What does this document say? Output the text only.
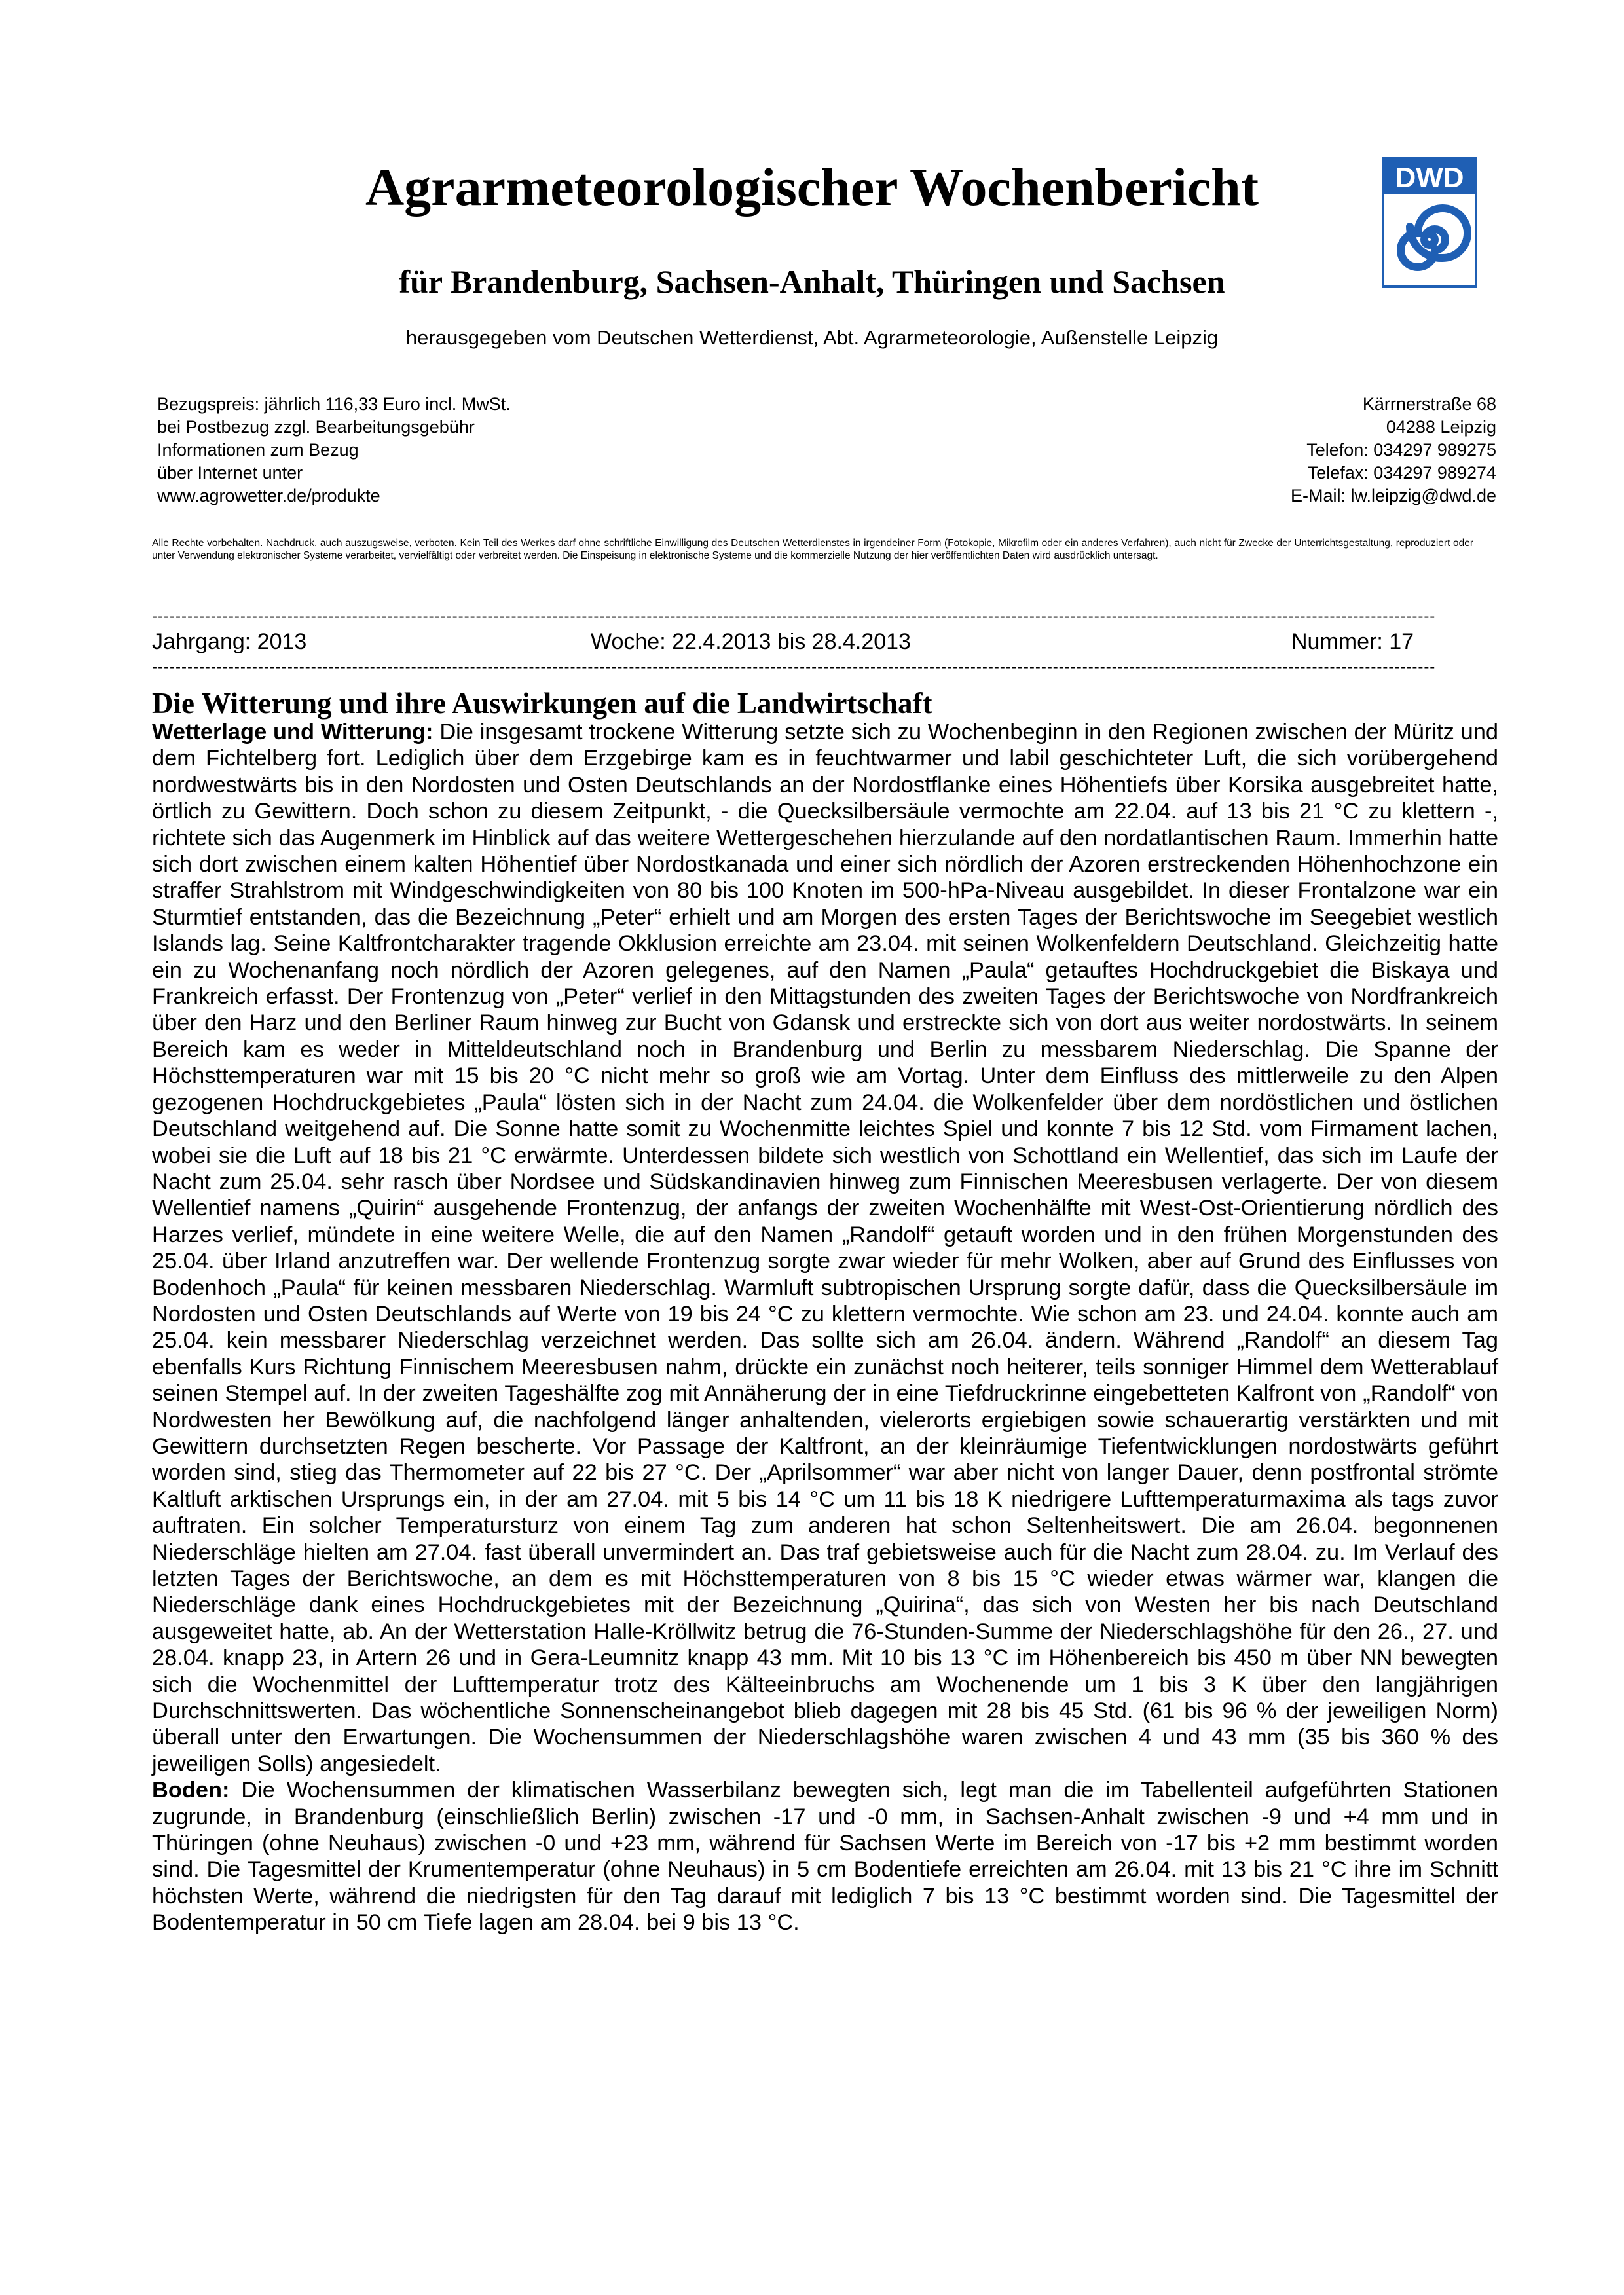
Agrarmeteorologischer Wochenbericht
für Brandenburg, Sachsen-Anhalt, Thüringen und Sachsen
herausgegeben vom Deutschen Wetterdienst, Abt. Agrarmeteorologie, Außenstelle Leipzig
DWD
Bezugspreis: jährlich 116,33 Euro incl. MwSt.
bei Postbezug zzgl. Bearbeitungsgebühr
Informationen zum Bezug
über Internet unter
www.agrowetter.de/produkte
Kärrnerstraße 68
04288 Leipzig
Telefon: 034297 989275
Telefax: 034297 989274
E-Mail: lw.leipzig@dwd.de
Alle Rechte vorbehalten. Nachdruck, auch auszugsweise, verboten. Kein Teil des Werkes darf ohne schriftliche Einwilligung des Deutschen Wetterdienstes in irgendeiner Form (Fotokopie, Mikrofilm oder ein anderes Verfahren), auch nicht für Zwecke der Unterrichtsgestaltung, reproduziert oder unter Verwendung elektronischer Systeme verarbeitet, vervielfältigt oder verbreitet werden. Die Einspeisung in elektronische Systeme und die kommerzielle Nutzung der hier veröffentlichten Daten wird ausdrücklich untersagt.
--------------------------------------------------------------------------------------------------------------------------------------------------------------------------------------------------------------------------
Jahrgang: 2013	Woche: 22.4.2013 bis 28.4.2013	Nummer: 17
--------------------------------------------------------------------------------------------------------------------------------------------------------------------------------------------------------------------------
Die Witterung und ihre Auswirkungen auf die Landwirtschaft

Wetterlage und Witterung: Die insgesamt trockene Witterung setzte sich zu Wochenbeginn in den Regionen zwischen der Müritz und dem Fichtelberg fort. Lediglich über dem Erzgebirge kam es in feuchtwarmer und labil geschichteter Luft, die sich vorübergehend nordwestwärts bis in den Nordosten und Osten Deutschlands an der Nordostflanke eines Höhentiefs über Korsika ausgebreitet hatte, örtlich zu Gewittern. Doch schon zu diesem Zeitpunkt, - die Quecksilbersäule vermochte am 22.04. auf 13 bis 21 °C zu klettern -, richtete sich das Augenmerk im Hinblick auf das weitere Wettergeschehen hierzulande auf den nordatlantischen Raum. Immerhin hatte sich dort zwischen einem kalten Höhentief über Nordostkanada und einer sich nördlich der Azoren erstreckenden Höhenhochzone ein straffer Strahlstrom mit Windgeschwindigkeiten von 80 bis 100 Knoten im 500-hPa-Niveau ausgebildet. In dieser Frontalzone war ein Sturmtief entstanden, das die Bezeichnung „Peter“ erhielt und am Morgen des ersten Tages der Berichtswoche im Seegebiet westlich Islands lag. Seine Kaltfrontcharakter tragende Okklusion erreichte am 23.04. mit seinen Wolkenfeldern Deutschland. Gleichzeitig hatte ein zu Wochenanfang noch nördlich der Azoren gelegenes, auf den Namen „Paula“ getauftes Hochdruckgebiet die Biskaya und Frankreich erfasst. Der Frontenzug von „Peter“ verlief in den Mittagstunden des zweiten Tages der Berichtswoche von Nordfrankreich über den Harz und den Berliner Raum hinweg zur Bucht von Gdansk und erstreckte sich von dort aus weiter nordostwärts. In seinem Bereich kam es weder in Mitteldeutschland noch in Brandenburg und Berlin zu messbarem Niederschlag. Die Spanne der Höchsttemperaturen war mit 15 bis 20 °C nicht mehr so groß wie am Vortag. Unter dem Einfluss des mittlerweile zu den Alpen gezogenen Hochdruckgebietes „Paula“ lösten sich in der Nacht zum 24.04. die Wolkenfelder über dem nordöstlichen und östlichen Deutschland weitgehend auf. Die Sonne hatte somit zu Wochenmitte leichtes Spiel und konnte 7 bis 12 Std. vom Firmament lachen, wobei sie die Luft auf 18 bis 21 °C erwärmte. Unterdessen bildete sich westlich von Schottland ein Wellentief, das sich im Laufe der Nacht zum 25.04. sehr rasch über Nordsee und Südskandinavien hinweg zum Finnischen Meeresbusen verlagerte. Der von diesem Wellentief namens „Quirin“ ausgehende Frontenzug, der anfangs der zweiten Wochenhälfte mit West-Ost-Orientierung nördlich des Harzes verlief, mündete in eine weitere Welle, die auf den Namen „Randolf“ getauft worden und in den frühen Morgenstunden des 25.04. über Irland anzutreffen war. Der wellende Frontenzug sorgte zwar wieder für mehr Wolken, aber auf Grund des Einflusses von Bodenhoch „Paula“ für keinen messbaren Niederschlag. Warmluft subtropischen Ursprung sorgte dafür, dass die Quecksilbersäule im Nordosten und Osten Deutschlands auf Werte von 19 bis 24 °C zu klettern vermochte. Wie schon am 23. und 24.04. konnte auch am 25.04. kein messbarer Niederschlag verzeichnet werden. Das sollte sich am 26.04. ändern. Während „Randolf“ an diesem Tag ebenfalls Kurs Richtung Finnischem Meeresbusen nahm, drückte ein zunächst noch heiterer, teils sonniger Himmel dem Wetterablauf seinen Stempel auf. In der zweiten Tageshälfte zog mit Annäherung der in eine Tiefdruckrinne eingebetteten Kalfront von „Randolf“ von Nordwesten her Bewölkung auf, die nachfolgend länger anhaltenden, vielerorts ergiebigen sowie schauerartig verstärkten und mit Gewittern durchsetzten Regen bescherte. Vor Passage der Kaltfront, an der kleinräumige Tiefentwicklungen nordostwärts geführt worden sind, stieg das Thermometer auf 22 bis 27 °C. Der „Aprilsommer“ war aber nicht von langer Dauer, denn postfrontal strömte Kaltluft arktischen Ursprungs ein, in der am 27.04. mit 5 bis 14 °C um 11 bis 18 K niedrigere Lufttemperaturmaxima als tags zuvor auftraten. Ein solcher Temperatursturz von einem Tag zum anderen hat schon Seltenheitswert. Die am 26.04. begonnenen Niederschläge hielten am 27.04. fast überall unvermindert an. Das traf gebietsweise auch für die Nacht zum 28.04. zu. Im Verlauf des letzten Tages der Berichtswoche, an dem es mit Höchsttemperaturen von 8 bis 15 °C wieder etwas wärmer war, klangen die Niederschläge dank eines Hochdruckgebietes mit der Bezeichnung „Quirina“, das sich von Westen her bis nach Deutschland ausgeweitet hatte, ab. An der Wetterstation Halle-Kröllwitz betrug die 76-Stunden-Summe der Niederschlagshöhe für den 26., 27. und 28.04. knapp 23, in Artern 26 und in Gera-Leumnitz knapp 43 mm. Mit 10 bis 13 °C im Höhenbereich bis 450 m über NN bewegten sich die Wochenmittel der Lufttemperatur trotz des Kälteeinbruchs am Wochenende um 1 bis 3 K über den langjährigen Durchschnittswerten. Das wöchentliche Sonnenscheinangebot blieb dagegen mit 28 bis 45 Std. (61 bis 96 % der jeweiligen Norm) überall unter den Erwartungen. Die Wochensummen der Niederschlagshöhe waren zwischen 4 und 43 mm (35 bis 360 % des jeweiligen Solls) angesiedelt.

Boden: Die Wochensummen der klimatischen Wasserbilanz bewegten sich, legt man die im Tabellenteil aufgeführten Stationen zugrunde, in Brandenburg (einschließlich Berlin) zwischen -17 und -0 mm, in Sachsen-Anhalt zwischen -9 und +4 mm und in Thüringen (ohne Neuhaus) zwischen -0 und +23 mm, während für Sachsen Werte im Bereich von -17 bis +2 mm bestimmt worden sind. Die Tagesmittel der Krumentemperatur (ohne Neuhaus) in 5 cm Bodentiefe erreichten am 26.04. mit 13 bis 21 °C ihre im Schnitt höchsten Werte, während die niedrigsten für den Tag darauf mit lediglich 7 bis 13 °C bestimmt worden sind. Die Tagesmittel der Bodentemperatur in 50 cm Tiefe lagen am 28.04. bei 9 bis 13 °C.
